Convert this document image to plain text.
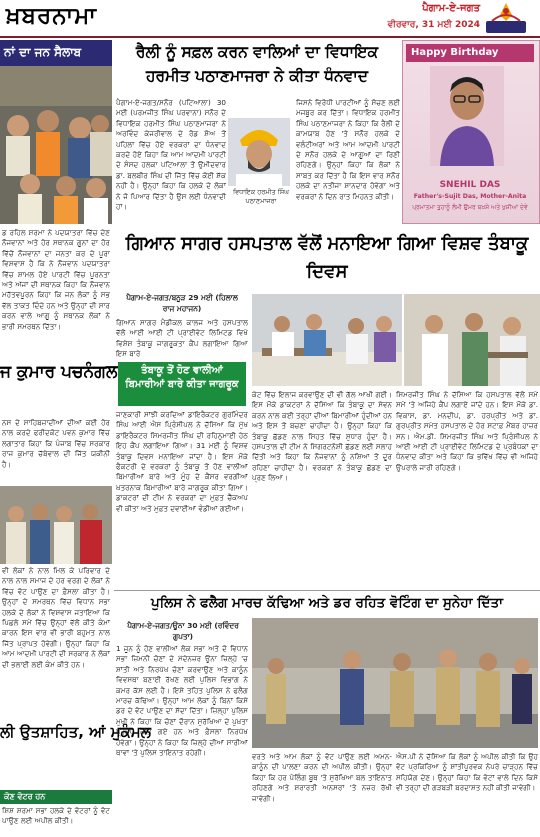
ਖ਼ਬਰਨਾਮਾ	ਪੈਗਾਮ-ਏ-ਜਗਤ
ਵੀਰਵਾਰ, 31 ਮਈ 2024
ਨਾਂ ਦਾ ਜਨ ਸੈਲਾਬ
ਡ ਰਹਿਲ ਸ਼ਰਮਾ ਨੇ ਪਦਯਾਤਰਾ ਵਿੱਚ ਦੇਣ ਨੌਜਵਾਨਾਂ ਅਤੇ ਹੋਰ ਸਥਾਨਕ ਗੂਨਾਂ ਦਾ ਹੋਰ ਵਿੱਚੋਂ ਨੌਜਵਾਨਾਂ ਦਾ ਜਨਤਾ ਕਰ ਦੇ ਪੂਰਾ ਵਿਸ਼ਵਾਸ ਹੈ ਕਿ ਨੇ ਨੌਜਵਾਨ ਪਦਯਾਤਰਾ ਵਿੱਚ ਸ਼ਾਮਲ ਹੋਏ ਪਾਰਟੀ ਵਿੱਚ ਪੂਰਨਤਾ ਅਤੇ ਅੱਜਾਂ ਦੀ ਸਥਾਨਕ ਕਿਹਾ ਕਿ ਨੌਜਵਾਨ ਮਹੱਤਵਪੂਰਨ ਕਿਹਾ ਕਿ ਜਨ ਲੋਕਾਂ ਨੂੰ ਸਭ ਵੱਲ ਤਾਕਤ ਦਿੰਦੇ ਹਨ ਅਤੇ ਉਨ੍ਹਾਂ ਦੀ ਸਾਰ ਕਰਨ ਵਾਲੇ ਆਗੂ ਨੂੰ ਸਥਾਨਕ ਲੋਕਾਂ ਨੇ ਭਾਰੀ ਸਮਰਥਨ ਦਿੱਤਾ।
ਜ ਕੁਮਾਰ ਪਚਨੰਗਲ
ਨਸ ਦੇ ਸਾਹਿਬਜ਼ਾਦੀਆਂ ਦੀਆਂ ਕਈ ਹੋਰ ਨਾਲ ਕਰਦੇ ਫਰੀਦਕੋਟ ਪਵਨ ਕੁਮਾਰ ਵਿੱਚ ਲਗਾਤਾਰ ਕਿਹਾ ਕਿ ਪੰਜਾਬ ਵਿੱਚ ਸਰਕਾਰ ਰਾਜ ਕੁਮਾਰ ਚੱਬੇਵਾਲ ਦੀ ਜਿੱਤ ਯਕੀਨੀ ਹੈ।
ਵੀ ਲੋਕਾਂ ਨੇ ਨਾਲ ਮਿਲ ਕੇ ਪਰਿਵਾਰ ਦੇ ਨਾਲ ਨਾਲ ਸਮਾਜ ਦੇ ਹਰ ਵਰਗ ਦੇ ਲੋਕਾਂ ਨੇ ਵਿੱਚ ਵੋਟ ਪਾਉਣ ਦਾ ਫ਼ੈਸਲਾ ਕੀਤਾ ਹੈ। ਉਨ੍ਹਾਂ ਦੇ ਸਮਰਥਨ ਵਿੱਚ ਵਿਧਾਨ ਸਭਾ ਹਲਕੇ ਦੇ ਲੋਕਾਂ ਨੇ ਵਿਸ਼ਵਾਸ ਜਤਾਇਆ ਕਿ ਪਿਛਲੇ ਸਮੇਂ ਵਿੱਚ ਉਨ੍ਹਾਂ ਵੱਲੋਂ ਕੀਤੇ ਕੰਮਾਂ ਕਾਰਨ ਇਸ ਵਾਰ ਵੀ ਭਾਰੀ ਬਹੁਮਤ ਨਾਲ ਜਿੱਤ ਪ੍ਰਾਪਤ ਹੋਵੇਗੀ। ਉਨ੍ਹਾਂ ਕਿਹਾ ਕਿ ਆਮ ਆਦਮੀ ਪਾਰਟੀ ਦੀ ਸਰਕਾਰ ਨੇ ਲੋਕਾਂ ਦੀ ਭਲਾਈ ਲਈ ਕੰਮ ਕੀਤੇ ਹਨ।
ਲੀ ਉਤਸ਼ਾਹਿਤ, ਆਂ ਮੁਕੰਮਲ
ਕੋਣ ਵੋਟਰ ਹਨ
ਸ਼ਿਸ਼ ਸ਼ਰਮਾ ਸਭਾ ਹਲਕੇ ਦੇ ਵੋਟਰਾਂ ਨੂੰ ਵੋਟ ਪਾਉਣ ਲਈ ਅਪੀਲ ਕੀਤੀ।
ਰੈਲੀ ਨੂੰ ਸਫ਼ਲ ਕਰਨ ਵਾਲਿਆਂ ਦਾ ਵਿਧਾਇਕ ਹਰਮੀਤ ਪਠਾਣਮਾਜਰਾ ਨੇ ਕੀਤਾ ਧੰਨਵਾਦ
ਪੈਗਾਮ-ਏ-ਜਗਤ/ਸਨੌਰ (ਪਟਿਆਲਾ) 30 ਮਈ (ਪਰਮਜੀਤ ਸਿੰਘ ਪਰਵਾਨਾ) ਸਨੌਰ ਦੇ ਵਿਧਾਇਕ ਹਰਮੀਤ ਸਿੰਘ ਪਠਾਣਮਾਜਰਾ ਨੇ ਅਰਵਿੰਦ ਕੇਜਰੀਵਾਲ ਦੇ ਰੋਡ ਸ਼ੋਅ ਤੋਂ ਪਹਿਲਾਂ ਵਿੱਚ ਹੋਏ ਵਰਕਰਾਂ ਦਾ ਧੰਨਵਾਦ ਕਰਦੇ ਹੋਏ ਕਿਹਾ ਕਿ ਆਮ ਆਦਮੀ ਪਾਰਟੀ ਦੇ ਸੰਸਦ ਹਲਕਾ ਪਟਿਆਲਾ ਤੋਂ ਉਮੀਦਵਾਰ ਡਾ. ਬਲਬੀਰ ਸਿੰਘ ਦੀ ਜਿੱਤ ਵਿੱਚ ਕੋਈ ਸ਼ੱਕ ਨਹੀਂ ਹੈ। ਉਨ੍ਹਾਂ ਕਿਹਾ ਕਿ ਹਲਕੇ ਦੇ ਲੋਕਾਂ ਨੇ ਜੋ ਪਿਆਰ ਦਿੱਤਾ ਹੈ ਉਸ ਲਈ ਧੰਨਵਾਦੀ ਹਾਂ।
ਵਿਧਾਇਕ ਹਰਮੀਤ ਸਿੰਘ ਪਠਾਣਮਾਜਰਾ
ਜਿਸਨੇ ਵਿਰੋਧੀ ਪਾਰਟੀਆਂ ਨੂੰ ਸੋਚਣ ਲਈ ਮਜਬੂਰ ਕਰ ਦਿੱਤਾ। ਵਿਧਾਇਕ ਹਰਮੀਤ ਸਿੰਘ ਪਠਾਣਮਾਜਰਾ ਨੇ ਕਿਹਾ ਕਿ ਰੈਲੀ ਦੇ ਕਾਮਯਾਬ ਹੋਣ 'ਤੇ ਸਨੌਰ ਹਲਕੇ ਦੇ ਵਲੰਟੀਅਰਾਂ ਅਤੇ ਆਮ ਆਦਮੀ ਪਾਰਟੀ ਦੇ ਸਨੌਰ ਹਲਕੇ ਦੇ ਆਗੂਆਂ ਦਾ ਰਿਣੀ ਰਹਿਣਗੇ। ਉਨ੍ਹਾਂ ਕਿਹਾ ਕਿ ਲੋਕਾਂ ਨੇ ਸਾਬਤ ਕਰ ਦਿੱਤਾ ਹੈ ਕਿ ਇਸ ਵਾਰ ਸਨੌਰ ਹਲਕੇ ਦਾ ਨਤੀਜਾ ਸ਼ਾਨਦਾਰ ਹੋਵੇਗਾ ਅਤੇ ਵਰਕਰਾਂ ਨੇ ਦਿਨ ਰਾਤ ਮਿਹਨਤ ਕੀਤੀ।
Happy Birthday
SNEHIL DAS
Father's-Sujit Das, Mother-Anita
ਪ੍ਰਮਾਤਮਾ ਤੁਹਾਨੂੰ ਲੰਮੀ ਉਮਰ ਬਖ਼ਸ਼ੇ ਅਤੇ ਖੁਸ਼ੀਆਂ ਦੇਵੇ
ਗਿਆਨ ਸਾਗਰ ਹਸਪਤਾਲ ਵੱਲੋਂ ਮਨਾਇਆ ਗਿਆ ਵਿਸ਼ਵ ਤੰਬਾਕੂ ਦਿਵਸ
ਪੈਗਾਮ-ਏ-ਜਗਤ/ਬਨੂੜ 29 ਮਈ (ਹਿਲਾਲ ਰਾਜ ਮਹਾਜਨ)
ਗਿਆਨ ਸਾਗਰ ਮੈਡੀਕਲ ਕਾਲਜ ਅਤੇ ਹਸਪਤਾਲ ਵੱਲੋਂ ਆਈ ਆਈ ਟੀ ਪ੍ਰਾਈਵੇਟ ਲਿਮਿਟਡ ਵਿਖੇ ਵਿਸ਼ੇਸ਼ ਤੰਬਾਕੂ ਜਾਗਰੂਕਤਾ ਕੈਂਪ ਲਗਾਇਆ ਗਿਆ ਇਸ ਬਾਰੇ
ਤੰਬਾਕੂ ਤੋਂ ਹੋਣ ਵਾਲੀਆਂ ਬਿਮਾਰੀਆਂ ਬਾਰੇ ਕੀਤਾ ਜਾਗਰੂਕ
ਜਾਣਕਾਰੀ ਸਾਂਝੀ ਕਰਦਿਆਂ ਡਾਇਰੈਕਟਰ ਗੁਰਮਿੰਦਰ ਸਿੰਘ ਆਈ ਐਸ ਪ੍ਰਿੰਸੀਪਲ ਨੇ ਦੱਸਿਆ ਕਿ ਮੁੱਖ ਡਾਇਰੈਕਟਰ ਸਿਮਰਜੀਤ ਸਿੰਘ ਦੀ ਰਹਿਨੁਮਾਈ ਹੇਠ ਇਹ ਕੈਂਪ ਲਗਾਇਆ ਗਿਆ। 31 ਮਈ ਨੂੰ ਵਿਸ਼ਵ ਤੰਬਾਕੂ ਦਿਵਸ ਮਨਾਇਆ ਜਾਂਦਾ ਹੈ। ਇਸ ਮੌਕੇ ਫੈਕਟਰੀ ਦੇ ਵਰਕਰਾਂ ਨੂੰ ਤੰਬਾਕੂ ਤੋਂ ਹੋਣ ਵਾਲੀਆਂ ਬਿਮਾਰੀਆਂ ਬਾਰੇ ਅਤੇ ਮੂੰਹ ਦੇ ਕੈਂਸਰ ਵਰਗੀਆਂ ਖ਼ਤਰਨਾਕ ਬਿਮਾਰੀਆਂ ਬਾਰੇ ਜਾਗਰੂਕ ਕੀਤਾ ਗਿਆ। ਡਾਕਟਰਾਂ ਦੀ ਟੀਮ ਨੇ ਵਰਕਰਾਂ ਦਾ ਮੁਫ਼ਤ ਚੈੱਕਅਪ ਵੀ ਕੀਤਾ ਅਤੇ ਮੁਫ਼ਤ ਦਵਾਈਆਂ ਵੰਡੀਆਂ ਗਈਆਂ।
ਕੇਟ ਵਿੱਚ ਇਲਾਜ ਕਰਵਾਉਣ ਦੀ ਵੀ ਗੱਲ ਆਖੀ ਗਈ। ਇਸ ਮੌਕੇ ਡਾਕਟਰਾਂ ਨੇ ਦੱਸਿਆ ਕਿ ਤੰਬਾਕੂ ਦਾ ਸੇਵਨ ਕਰਨ ਨਾਲ ਕਈ ਤਰ੍ਹਾਂ ਦੀਆਂ ਬਿਮਾਰੀਆਂ ਹੁੰਦੀਆਂ ਹਨ ਅਤੇ ਇਸ ਤੋਂ ਬਚਣਾ ਚਾਹੀਦਾ ਹੈ। ਉਨ੍ਹਾਂ ਕਿਹਾ ਕਿ ਤੰਬਾਕੂ ਛੱਡਣ ਨਾਲ ਸਿਹਤ ਵਿੱਚ ਸੁਧਾਰ ਹੁੰਦਾ ਹੈ। ਹਸਪਤਾਲ ਦੀ ਟੀਮ ਨੇ ਸਿਗਰਟਨੋਸ਼ੀ ਛੱਡਣ ਲਈ ਸਲਾਹ ਦਿੱਤੀ ਅਤੇ ਕਿਹਾ ਕਿ ਨੌਜਵਾਨਾਂ ਨੂੰ ਨਸ਼ਿਆਂ ਤੋਂ ਦੂਰ ਰਹਿਣਾ ਚਾਹੀਦਾ ਹੈ। ਵਰਕਰਾਂ ਨੇ ਤੰਬਾਕੂ ਛੱਡਣ ਦਾ ਪ੍ਰਣ ਲਿਆ।
ਸਿਮਰਜੀਤ ਸਿੰਘ ਨੇ ਦੱਸਿਆ ਕਿ ਹਸਪਤਾਲ ਵੱਲੋਂ ਸਮੇਂ ਸਮੇਂ 'ਤੇ ਅਜਿਹੇ ਕੈਂਪ ਲਗਾਏ ਜਾਂਦੇ ਹਨ। ਇਸ ਮੌਕੇ ਡਾ. ਵਿਕਾਸ, ਡਾ. ਮਨਦੀਪ, ਡਾ. ਹਰਪ੍ਰੀਤ ਅਤੇ ਡਾ. ਗੁਰਪ੍ਰੀਤ ਸਮੇਤ ਹਸਪਤਾਲ ਦੇ ਹੋਰ ਸਟਾਫ਼ ਮੈਂਬਰ ਹਾਜ਼ਰ ਸਨ। ਐਮ.ਡੀ. ਸਿਮਰਜੀਤ ਸਿੰਘ ਅਤੇ ਪ੍ਰਿੰਸੀਪਲ ਨੇ ਆਈ ਆਈ ਟੀ ਪ੍ਰਾਈਵੇਟ ਲਿਮਿਟਡ ਦੇ ਪ੍ਰਬੰਧਕਾਂ ਦਾ ਧੰਨਵਾਦ ਕੀਤਾ ਅਤੇ ਕਿਹਾ ਕਿ ਭਵਿੱਖ ਵਿੱਚ ਵੀ ਅਜਿਹੇ ਉਪਰਾਲੇ ਜਾਰੀ ਰਹਿਣਗੇ।
ਪੁਲਿਸ ਨੇ ਫਲੈਗ ਮਾਰਚ ਕੱਢਿਆ ਅਤੇ ਡਰ ਰਹਿਤ ਵੋਟਿੰਗ ਦਾ ਸੁਨੇਹਾ ਦਿੱਤਾ
ਪੈਗਾਮ-ਏ-ਜਗਤ/ਊਨਾ 30 ਮਈ (ਰਵਿੰਦਰ ਗੁਪਤਾ)
1 ਜੂਨ ਨੂੰ ਹੋਣ ਵਾਲੀਆਂ ਲੋਕ ਸਭਾ ਅਤੇ ਦੋ ਵਿਧਾਨ ਸਭਾ ਜ਼ਿਮਨੀ ਚੋਣਾਂ ਦੇ ਮੱਦੇਨਜ਼ਰ ਊਨਾ ਜ਼ਿਲ੍ਹੇ 'ਚ ਸ਼ਾਂਤੀ ਅਤੇ ਨਿਰਪੱਖ ਚੋਣਾਂ ਕਰਵਾਉਣ ਅਤੇ ਕਾਨੂੰਨ ਵਿਵਸਥਾ ਬਣਾਈ ਰੱਖਣ ਲਈ ਪੁਲਿਸ ਵਿਭਾਗ ਨੇ ਕਮਰ ਕੱਸ ਲਈ ਹੈ। ਇਸੇ ਤਹਿਤ ਪੁਲਿਸ ਨੇ ਫਲੈਗ ਮਾਰਚ ਕੱਢਿਆ। ਉਨ੍ਹਾਂ ਆਮ ਲੋਕਾਂ ਨੂੰ ਬਿਨਾਂ ਕਿਸੇ ਡਰ ਦੇ ਵੋਟ ਪਾਉਣ ਦਾ ਸੱਦਾ ਦਿੱਤਾ। ਜ਼ਿਲ੍ਹਾ ਪੁਲਿਸ ਮੁਖੀ ਨੇ ਕਿਹਾ ਕਿ ਚੋਣਾਂ ਦੌਰਾਨ ਸੁਰੱਖਿਆ ਦੇ ਪੁਖ਼ਤਾ ਪ੍ਰਬੰਧ ਕੀਤੇ ਗਏ ਹਨ ਅਤੇ ਫ਼ੈਸਲਾ ਨਿਰਪੱਖ ਹੋਵੇਗਾ। ਉਨ੍ਹਾਂ ਨੇ ਕਿਹਾ ਕਿ ਜ਼ਿਲ੍ਹੇ ਦੀਆਂ ਸਾਰੀਆਂ ਥਾਵਾਂ 'ਤੇ ਪੁਲਿਸ ਤਾਇਨਾਤ ਰਹੇਗੀ।	ਵਰਤੇ ਅਤੇ ਆਮ ਲੋਕਾਂ ਨੂੰ ਵੋਟ ਪਾਉਣ ਲਈ ਅਮਨ-ਕਾਨੂੰਨ ਦੀ ਪਾਲਣਾ ਕਰਨ ਦੀ ਅਪੀਲ ਕੀਤੀ। ਉਨ੍ਹਾਂ ਕਿਹਾ ਕਿ ਹਰ ਪੋਲਿੰਗ ਬੂਥ 'ਤੇ ਸੁਰੱਖਿਆ ਬਲ ਤਾਇਨਾਤ ਰਹਿਣਗੇ ਅਤੇ ਸ਼ਰਾਰਤੀ ਅਨਸਰਾਂ 'ਤੇ ਨਜ਼ਰ ਰੱਖੀ ਜਾਵੇਗੀ।
ਐਸ.ਪੀ ਨੇ ਦੱਸਿਆ ਕਿ ਲੋਕਾਂ ਨੂੰ ਅਪੀਲ ਕੀਤੀ ਕਿ ਉਹ ਵੋਟ ਪ੍ਰਕਿਰਿਆ ਨੂੰ ਸ਼ਾਂਤੀਪੂਰਵਕ ਨੇਪਰੇ ਚਾੜ੍ਹਨ ਵਿੱਚ ਸਹਿਯੋਗ ਦੇਣ। ਉਨ੍ਹਾਂ ਕਿਹਾ ਕਿ ਵੋਟਾਂ ਵਾਲੇ ਦਿਨ ਕਿਸੇ ਵੀ ਤਰ੍ਹਾਂ ਦੀ ਗੜਬੜੀ ਬਰਦਾਸ਼ਤ ਨਹੀਂ ਕੀਤੀ ਜਾਵੇਗੀ।
